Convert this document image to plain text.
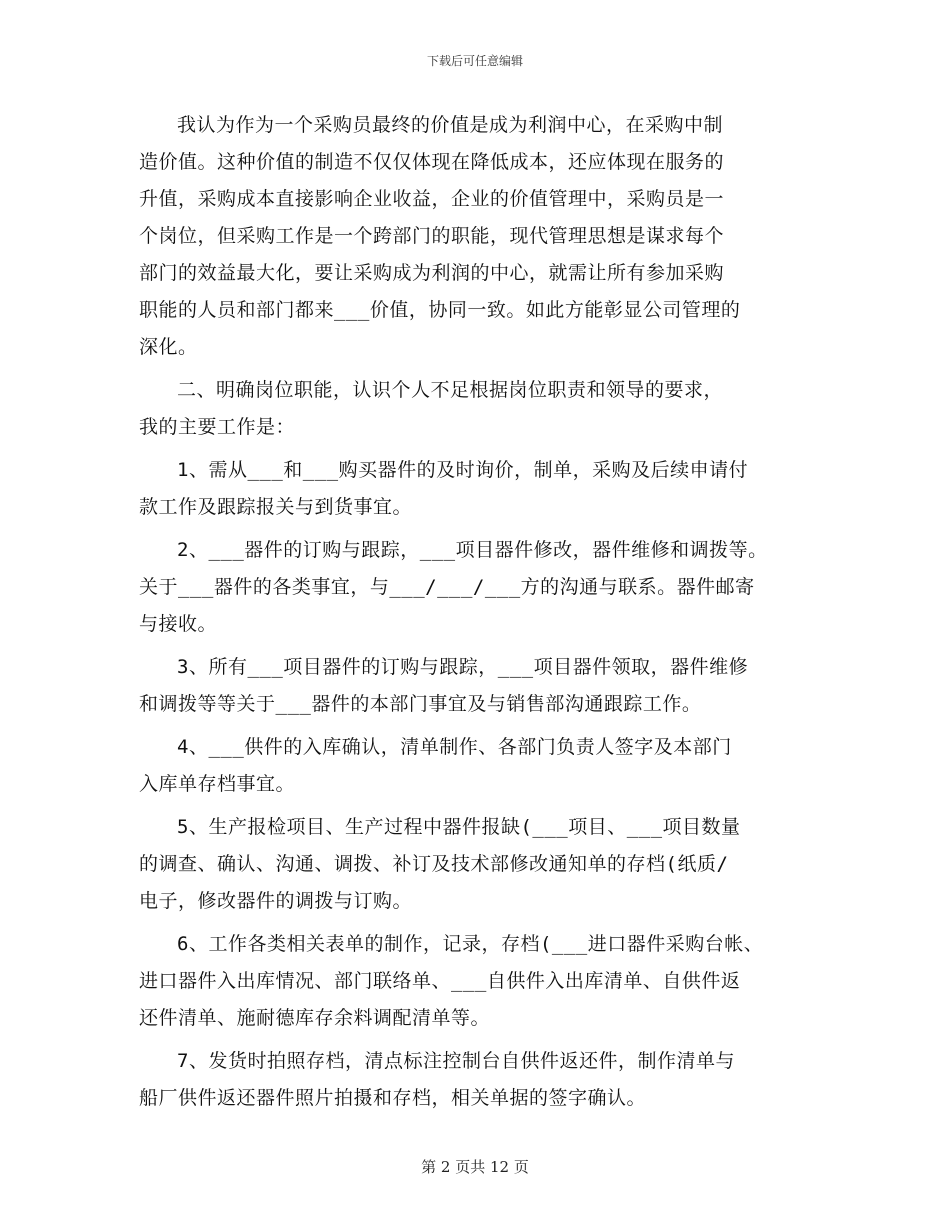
下载后可任意编辑

我认为作为一个采购员最终的价值是成为利润中心，在采购中制
造价值。这种价值的制造不仅仅体现在降低成本，还应体现在服务的
升值，采购成本直接影响企业收益，企业的价值管理中，采购员是一
个岗位，但采购工作是一个跨部门的职能，现代管理思想是谋求每个
部门的效益最大化，要让采购成为利润的中心，就需让所有参加采购
职能的人员和部门都来___价值，协同一致。如此方能彰显公司管理的
深化。

二、明确岗位职能，认识个人不足根据岗位职责和领导的要求，
我的主要工作是：

1、需从___和___购买器件的及时询价，制单，采购及后续申请付
款工作及跟踪报关与到货事宜。

2、___器件的订购与跟踪，___项目器件修改，器件维修和调拨等。
关于___器件的各类事宜，与___/___/___方的沟通与联系。器件邮寄
与接收。

3、所有___项目器件的订购与跟踪，___项目器件领取，器件维修
和调拨等等关于___器件的本部门事宜及与销售部沟通跟踪工作。

4、___供件的入库确认，清单制作、各部门负责人签字及本部门
入库单存档事宜。

5、生产报检项目、生产过程中器件报缺(___项目、___项目数量
的调查、确认、沟通、调拨、补订及技术部修改通知单的存档(纸质/
电子，修改器件的调拨与订购。

6、工作各类相关表单的制作，记录，存档(___进口器件采购台帐、
进口器件入出库情况、部门联络单、___自供件入出库清单、自供件返
还件清单、施耐德库存余料调配清单等。

7、发货时拍照存档，清点标注控制台自供件返还件，制作清单与
船厂供件返还器件照片拍摄和存档，相关单据的签字确认。

第 2 页共 12 页
